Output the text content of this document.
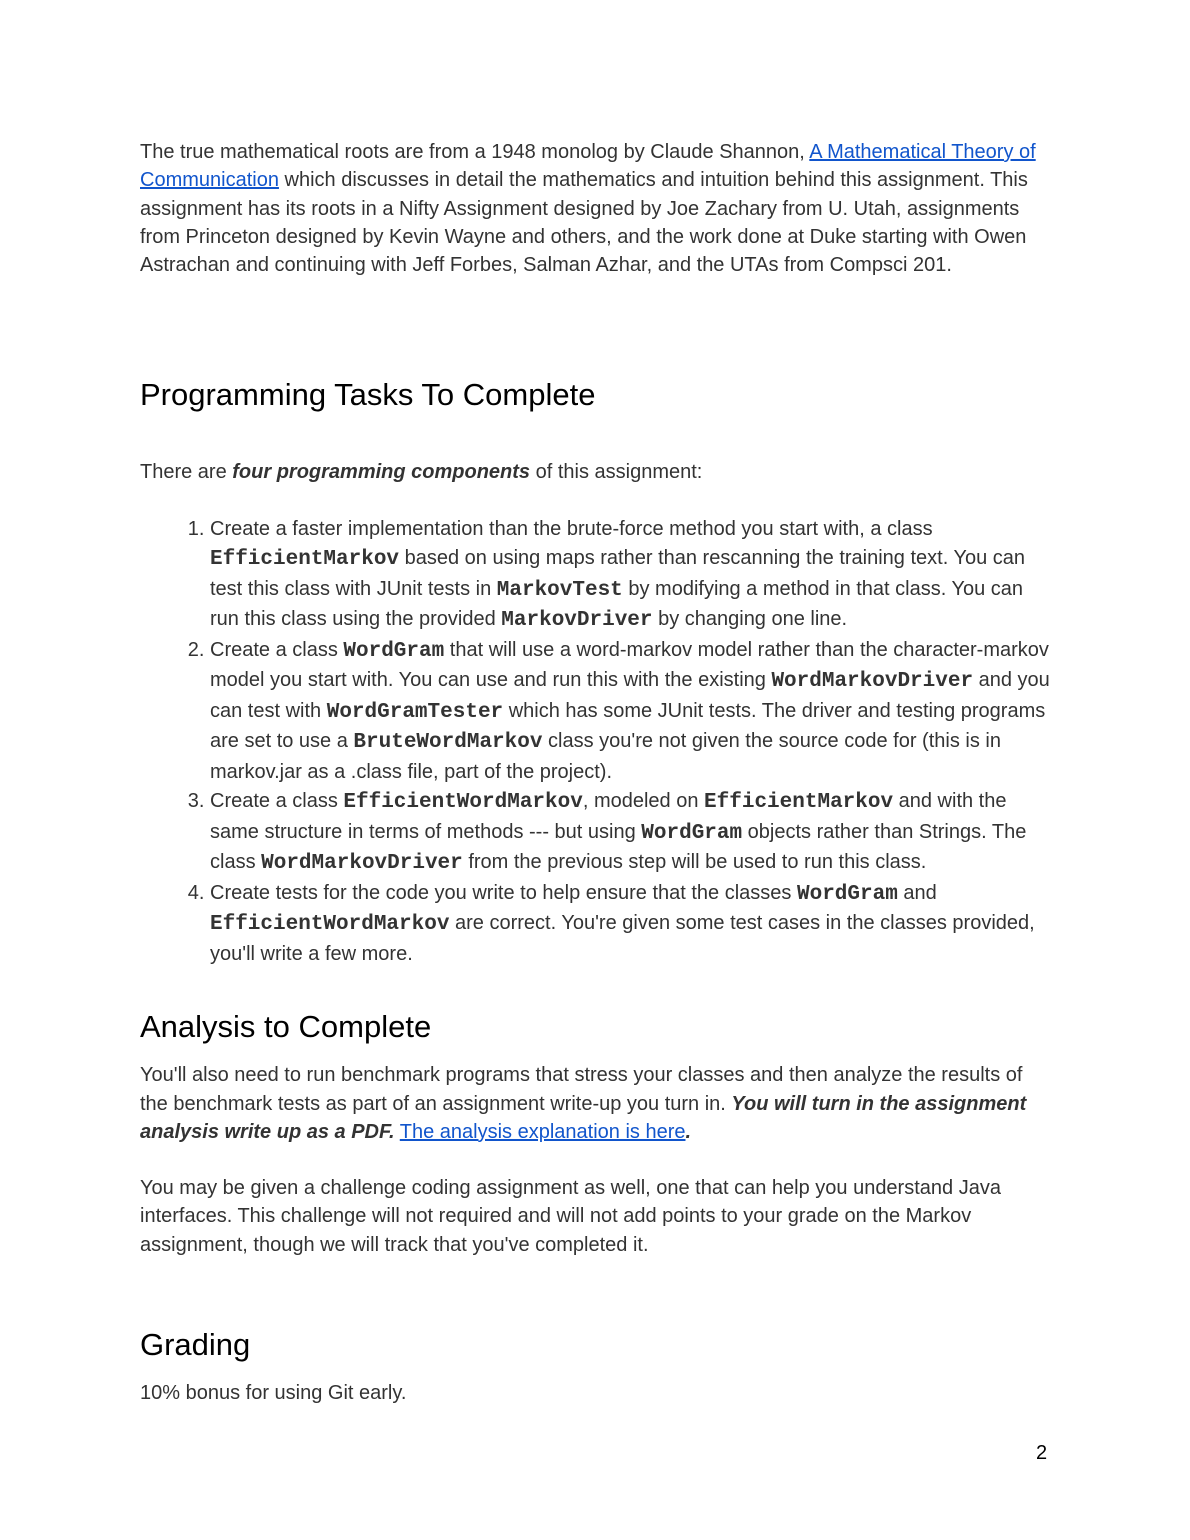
The true mathematical roots are from a 1948 monolog by Claude Shannon, A Mathematical Theory of Communication which discusses in detail the mathematics and intuition behind this assignment. This assignment has its roots in a Nifty Assignment designed by Joe Zachary from U. Utah, assignments from Princeton designed by Kevin Wayne and others, and the work done at Duke starting with Owen Astrachan and continuing with Jeff Forbes, Salman Azhar, and the UTAs from Compsci 201.

Programming Tasks To Complete

There are four programming components of this assignment:

1. Create a faster implementation than the brute-force method you start with, a class EfficientMarkov based on using maps rather than rescanning the training text. You can test this class with JUnit tests in MarkovTest by modifying a method in that class. You can run this class using the provided MarkovDriver by changing one line.
2. Create a class WordGram that will use a word-markov model rather than the character-markov model you start with. You can use and run this with the existing WordMarkovDriver and you can test with WordGramTester which has some JUnit tests. The driver and testing programs are set to use a BruteWordMarkov class you're not given the source code for (this is in markov.jar as a .class file, part of the project).
3. Create a class EfficientWordMarkov, modeled on EfficientMarkov and with the same structure in terms of methods --- but using WordGram objects rather than Strings. The class WordMarkovDriver from the previous step will be used to run this class.
4. Create tests for the code you write to help ensure that the classes WordGram and EfficientWordMarkov are correct. You're given some test cases in the classes provided, you'll write a few more.
Analysis to Complete

You'll also need to run benchmark programs that stress your classes and then analyze the results of the benchmark tests as part of an assignment write-up you turn in. You will turn in the assignment analysis write up as a PDF. The analysis explanation is here.

You may be given a challenge coding assignment as well, one that can help you understand Java interfaces. This challenge will not required and will not add points to your grade on the Markov assignment, though we will track that you've completed it.

Grading

10% bonus for using Git early.

2
